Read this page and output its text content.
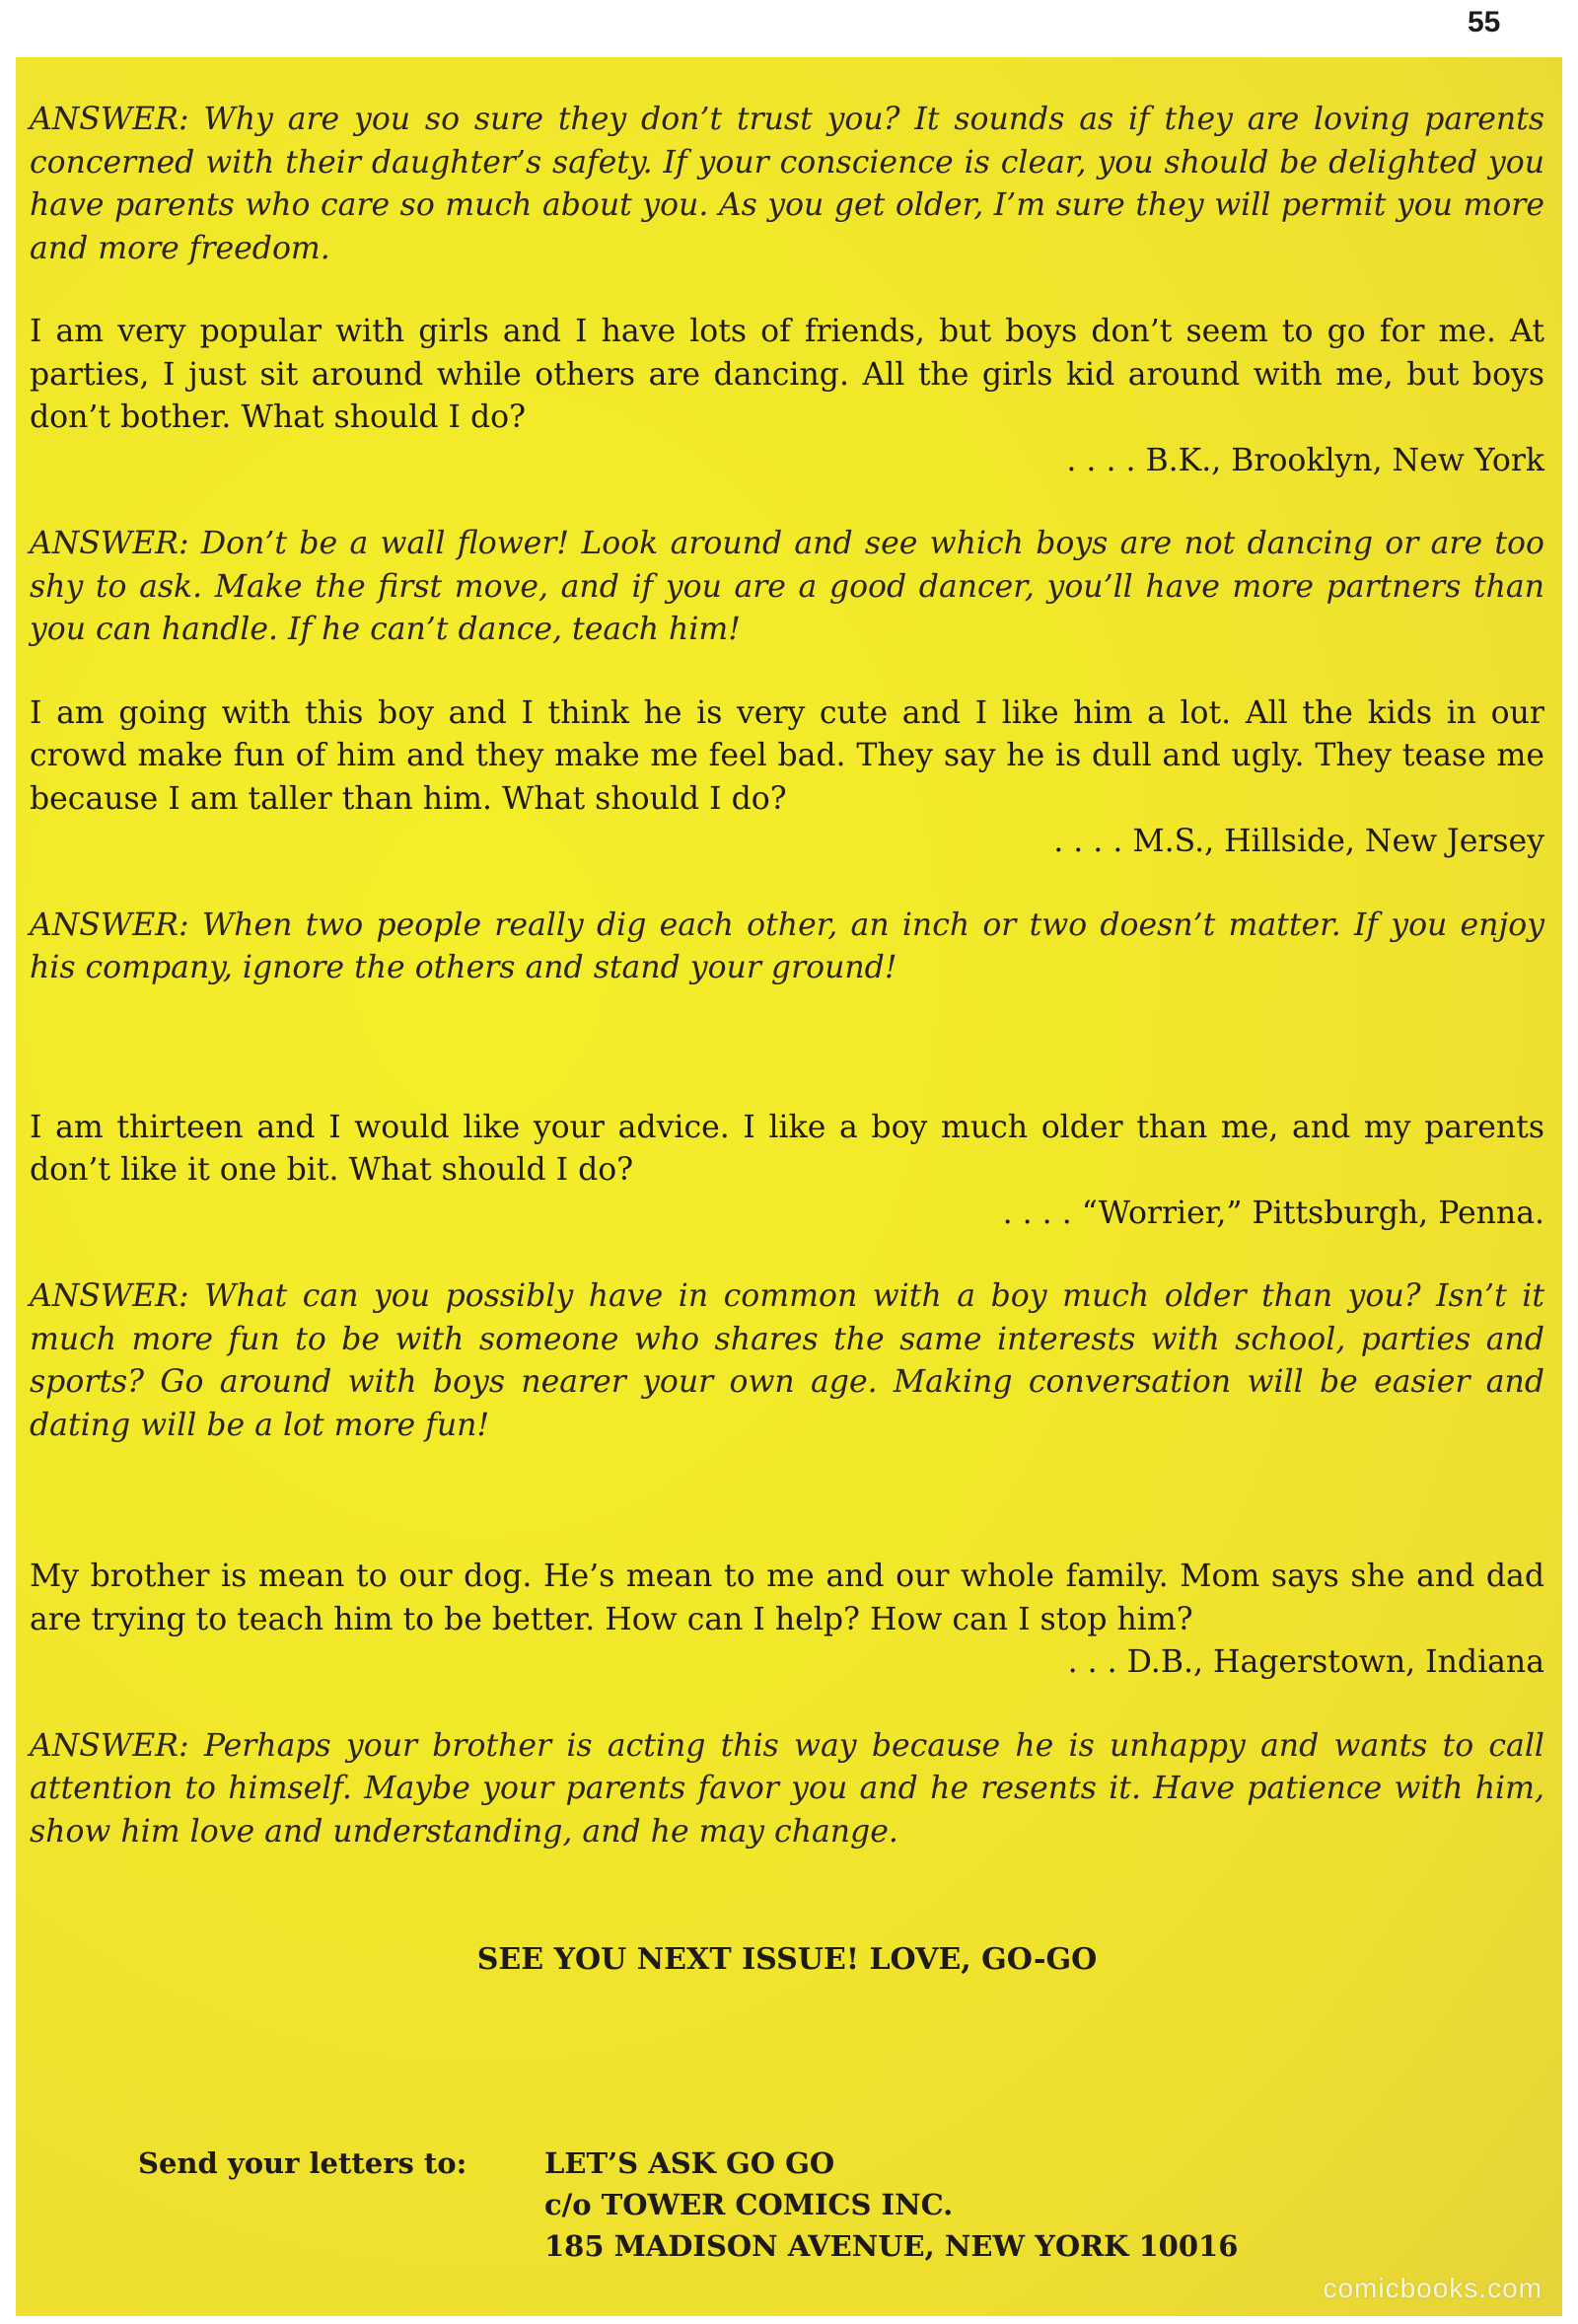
55

ANSWER: Why are you so sure they don’t trust you? It sounds as if they are loving parents concerned with their daughter’s safety. If your conscience is clear, you should be delighted you have parents who care so much about you. As you get older, I’m sure they will permit you more and more freedom.

I am very popular with girls and I have lots of friends, but boys don’t seem to go for me. At parties, I just sit around while others are dancing. All the girls kid around with me, but boys don’t bother. What should I do?

. . . . B.K., Brooklyn, New York

ANSWER: Don’t be a wall flower! Look around and see which boys are not dancing or are too shy to ask. Make the first move, and if you are a good dancer, you’ll have more partners than you can handle. If he can’t dance, teach him!

I am going with this boy and I think he is very cute and I like him a lot. All the kids in our crowd make fun of him and they make me feel bad. They say he is dull and ugly. They tease me because I am taller than him. What should I do?

. . . . M.S., Hillside, New Jersey

ANSWER: When two people really dig each other, an inch or two doesn’t matter. If you enjoy his company, ignore the others and stand your ground!

I am thirteen and I would like your advice. I like a boy much older than me, and my parents don’t like it one bit. What should I do?

. . . . “Worrier,” Pittsburgh, Penna.

ANSWER: What can you possibly have in common with a boy much older than you? Isn’t it much more fun to be with someone who shares the same interests with school, parties and sports? Go around with boys nearer your own age. Making conversation will be easier and dating will be a lot more fun!

My brother is mean to our dog. He’s mean to me and our whole family. Mom says she and dad are trying to teach him to be better. How can I help? How can I stop him?

. . . D.B., Hagerstown, Indiana

ANSWER: Perhaps your brother is acting this way because he is unhappy and wants to call attention to himself. Maybe your parents favor you and he resents it. Have patience with him, show him love and understanding, and he may change.

SEE YOU NEXT ISSUE! LOVE, GO-GO
Send your letters to:	LET’S ASK GO GO
c/o TOWER COMICS INC.
185 MADISON AVENUE, NEW YORK 10016
comicbooks.com
